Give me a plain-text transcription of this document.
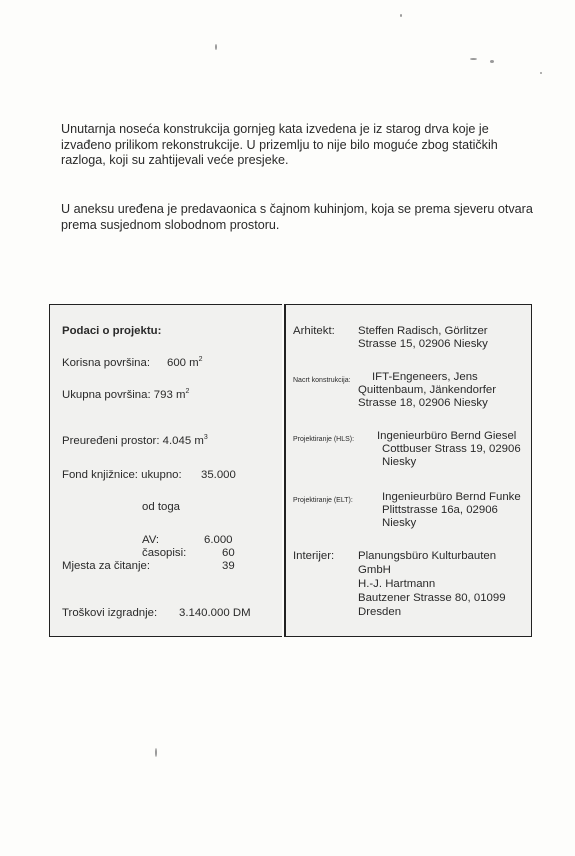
Unutarnja noseća konstrukcija gornjeg kata izvedena je iz starog drva koje je izvađeno prilikom rekonstrukcije. U prizemlju to nije bilo moguće zbog statičkih razloga, koji su zahtijevali veće presjeke.
U aneksu uređena je predavaonica s čajnom kuhinjom, koja se prema sjeveru otvara prema susjednom slobodnom prostoru.
Podaci o projektu:
Korisna površina: 600 $m^2$
Ukupna površina: 793 $m^2$
Preuređeni prostor: 4.045 $m^3$
Fond knjižnice: ukupno: 35.000
od toga
AV:	6.000
časopisi:	60
Mjesta za čitanje:	39
Troškovi izgradnje: 3.140.000 DM
Arhitekt: Steffen Radisch, Görlitzer
Strasse 15, 02906 Niesky
Nacrt konstrukcija: IFT-Engeneers, Jens
Quittenbaum, Jänkendorfer
Strasse 18, 02906 Niesky
Projektiranje (HLS): Ingenieurbüro Bernd Giesel
Cottbuser Strass 19, 02906
Niesky
Projektiranje (ELT):	Ingenieurbüro Bernd Funke
Plittstrasse 16a, 02906
Niesky
Interijer: Planungsbüro Kulturbauten
GmbH
H.-J. Hartmann
Bautzener Strasse 80, 01099
Dresden
